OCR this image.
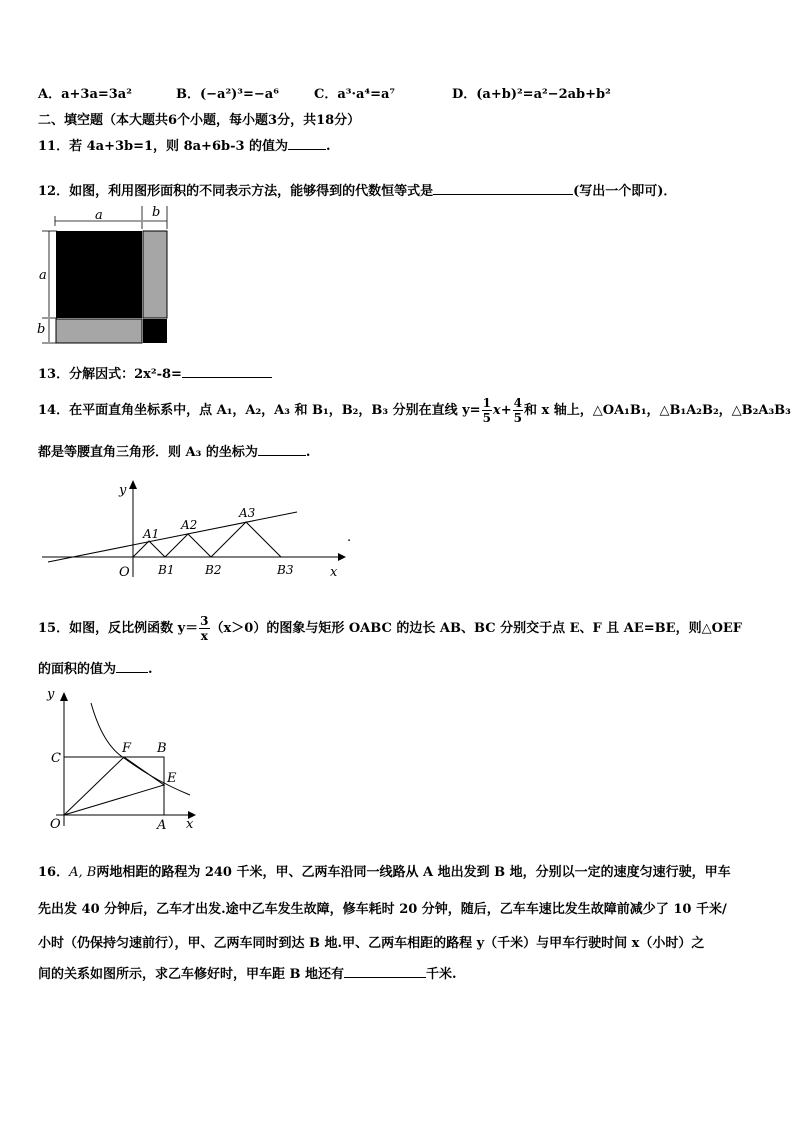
A．a+3a=3a²	B．(−a²)³=−a⁶	C．a³·a⁴=a⁷	D．(a+b)²=a²−2ab+b²
二、填空题（本大题共6个小题，每小题3分，共18分）
11．若 4a+3b=1，则 8a+6b-3 的值为	.
12．如图，利用图形面积的不同表示方法，能够得到的代数恒等式是	(写出一个即可)．
a	b
a
b
13．分解因式：2x²-8=
14．在平面直角坐标系中，点 A₁，A₂，A₃ 和 B₁，B₂，B₃ 分别在直线 $y= \frac{1}{5} x+ \frac{4}{5}$ 和 x 轴上，△OA₁B₁，△B₁A₂B₂，△B₂A₃B₃
都是等腰直角三角形．则 A₃ 的坐标为	.
y
x
O
A1
A2
A3
B1	B2	B3
.
15．如图，反比例函数 $y= \frac{3}{x} (x>0)$的图象与矩形 OABC 的边长 AB、BC 分别交于点 E、F 且 AE=BE，则△OEF
的面积的值为 .
y
x
O	A
B
C
E
F
16．A, B两地相距的路程为 240 千米，甲、乙两车沿同一线路从 A 地出发到 B 地，分别以一定的速度匀速行驶，甲车
先出发 40 分钟后，乙车才出发.途中乙车发生故障，修车耗时 20 分钟，随后，乙车车速比发生故障前减少了 10 千米/
小时（仍保持匀速前行），甲、乙两车同时到达 B 地.甲、乙两车相距的路程 y（千米）与甲车行驶时间 x（小时）之
间的关系如图所示，求乙车修好时，甲车距 B 地还有	千米.
